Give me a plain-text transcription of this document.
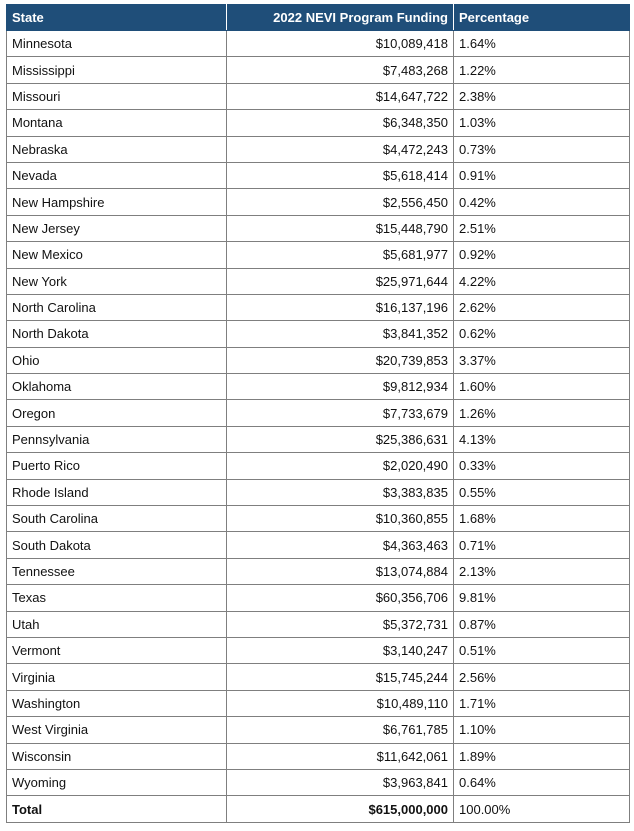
State	2022 NEVI Program Funding	Percentage
Minnesota	$10,089,418	1.64%
Mississippi	$7,483,268	1.22%
Missouri	$14,647,722	2.38%
Montana	$6,348,350	1.03%
Nebraska	$4,472,243	0.73%
Nevada	$5,618,414	0.91%
New Hampshire	$2,556,450	0.42%
New Jersey	$15,448,790	2.51%
New Mexico	$5,681,977	0.92%
New York	$25,971,644	4.22%
North Carolina	$16,137,196	2.62%
North Dakota	$3,841,352	0.62%
Ohio	$20,739,853	3.37%
Oklahoma	$9,812,934	1.60%
Oregon	$7,733,679	1.26%
Pennsylvania	$25,386,631	4.13%
Puerto Rico	$2,020,490	0.33%
Rhode Island	$3,383,835	0.55%
South Carolina	$10,360,855	1.68%
South Dakota	$4,363,463	0.71%
Tennessee	$13,074,884	2.13%
Texas	$60,356,706	9.81%
Utah	$5,372,731	0.87%
Vermont	$3,140,247	0.51%
Virginia	$15,745,244	2.56%
Washington	$10,489,110	1.71%
West Virginia	$6,761,785	1.10%
Wisconsin	$11,642,061	1.89%
Wyoming	$3,963,841	0.64%
Total	$615,000,000	100.00%
